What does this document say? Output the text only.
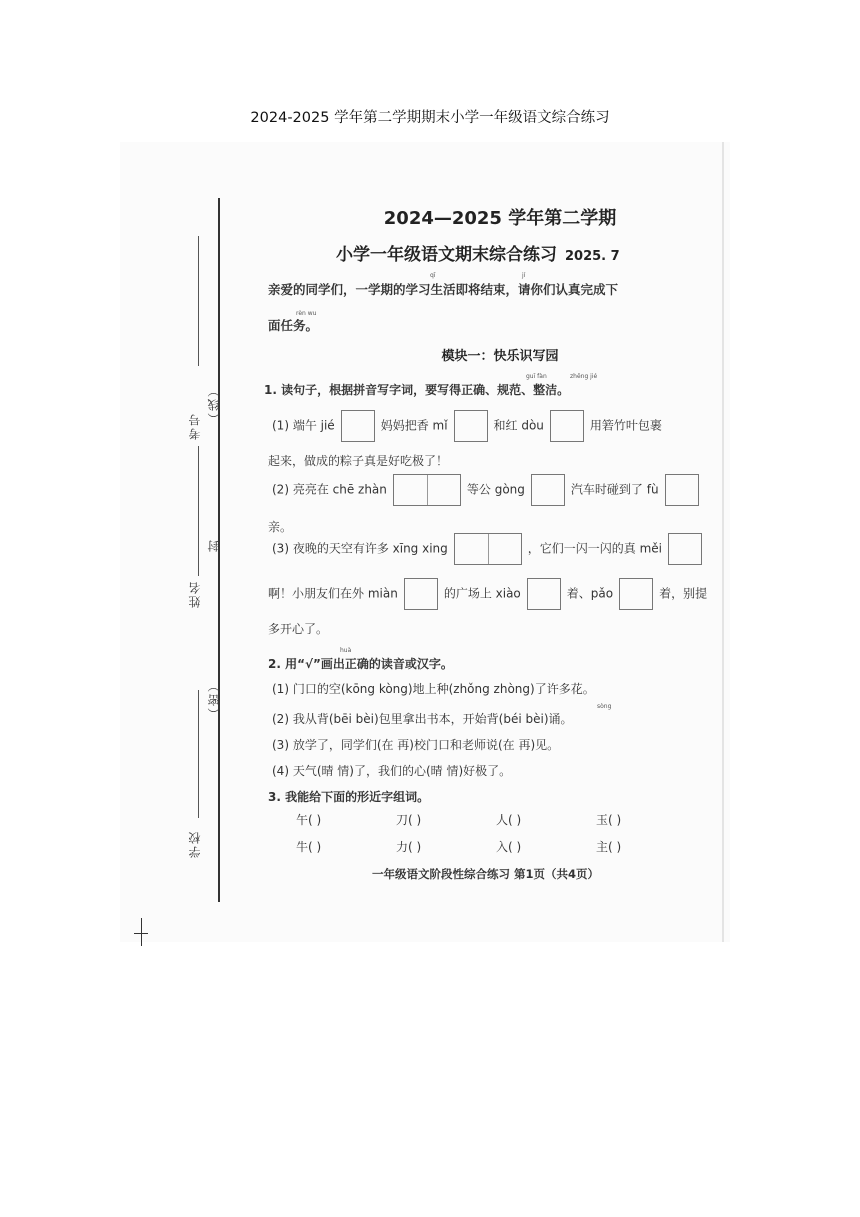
2024-2025 学年第二学期期末小学一年级语文综合练习
考号
（线）
姓名
封
（密）
学校
2024—2025 学年第二学期
小学一年级语文期末综合练习 2025. 7
qī	jí
亲爱的同学们，一学期的学习生活即将结束，请你们认真完成下
rèn wu
面任务。
模块一：快乐识写园
guī fàn	zhěng jié
1. 读句子，根据拼音写字词，要写得正确、规范、整洁。
(1) 端午 jié	妈妈把香 mǐ	和红 dòu	用箬竹叶包裹
起来，做成的粽子真是好吃极了！
(2) 亮亮在 chē zhàn	等公 gòng	汽车时碰到了 fù
亲。
(3) 夜晚的天空有许多 xīng xing	，它们一闪一闪的真 měi
啊！小朋友们在外 miàn	的广场上 xiào	着、pǎo	着，别提
多开心了。
huà
2. 用“√”画出正确的读音或汉字。
(1) 门口的空(kōng kòng)地上种(zhǒng zhòng)了许多花。
sòng
(2) 我从背(bēi bèi)包里拿出书本，开始背(béi bèi)诵。
(3) 放学了，同学们(在 再)校门口和老师说(在 再)见。
(4) 天气(晴 情)了，我们的心(晴 情)好极了。
3. 我能给下面的形近字组词。
午( )	刀( )	人( )	玉( )
牛( )	力( )	入( )	主( )
一年级语文阶段性综合练习 第1页（共4页）
